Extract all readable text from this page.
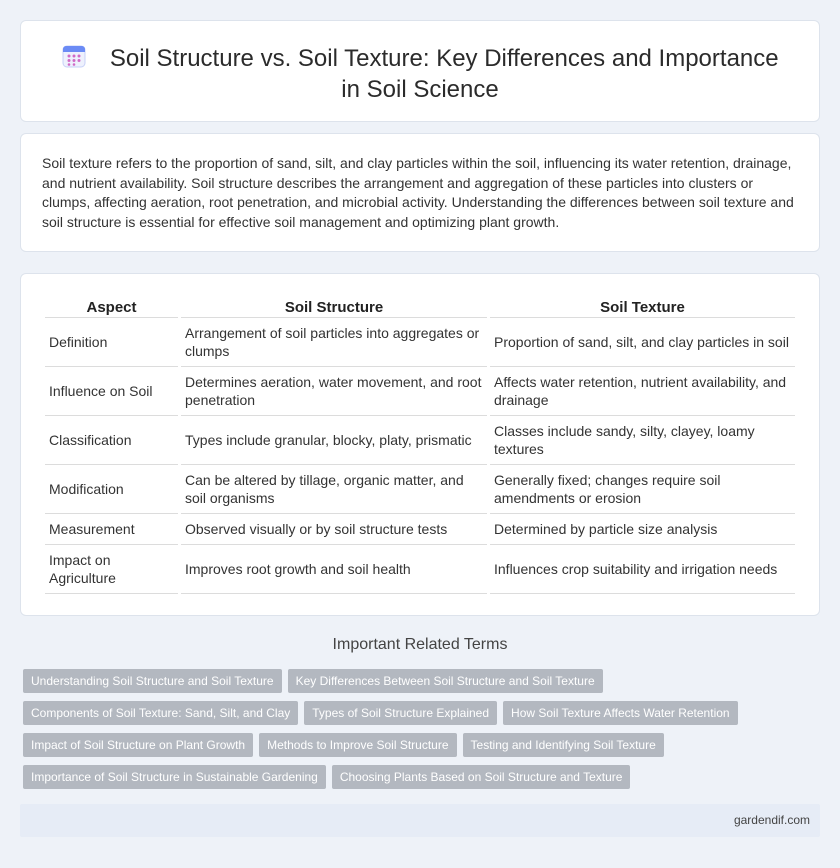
Soil Structure vs. Soil Texture: Key Differences and Importance in Soil Science

Soil texture refers to the proportion of sand, silt, and clay particles within the soil, influencing its water retention, drainage, and nutrient availability. Soil structure describes the arrangement and aggregation of these particles into clusters or clumps, affecting aeration, root penetration, and microbial activity. Understanding the differences between soil texture and soil structure is essential for effective soil management and optimizing plant growth.

Aspect	Soil Structure	Soil Texture
Definition	Arrangement of soil particles into aggregates or clumps	Proportion of sand, silt, and clay particles in soil
Influence on Soil	Determines aeration, water movement, and root penetration	Affects water retention, nutrient availability, and drainage
Classification	Types include granular, blocky, platy, prismatic	Classes include sandy, silty, clayey, loamy textures
Modification	Can be altered by tillage, organic matter, and soil organisms	Generally fixed; changes require soil amendments or erosion
Measurement	Observed visually or by soil structure tests	Determined by particle size analysis
Impact on Agriculture	Improves root growth and soil health	Influences crop suitability and irrigation needs
Important Related Terms
Understanding Soil Structure and Soil Texture	Key Differences Between Soil Structure and Soil Texture
Components of Soil Texture: Sand, Silt, and Clay	Types of Soil Structure Explained	How Soil Texture Affects Water Retention
Impact of Soil Structure on Plant Growth	Methods to Improve Soil Structure	Testing and Identifying Soil Texture
Importance of Soil Structure in Sustainable Gardening	Choosing Plants Based on Soil Structure and Texture
gardendif.com
